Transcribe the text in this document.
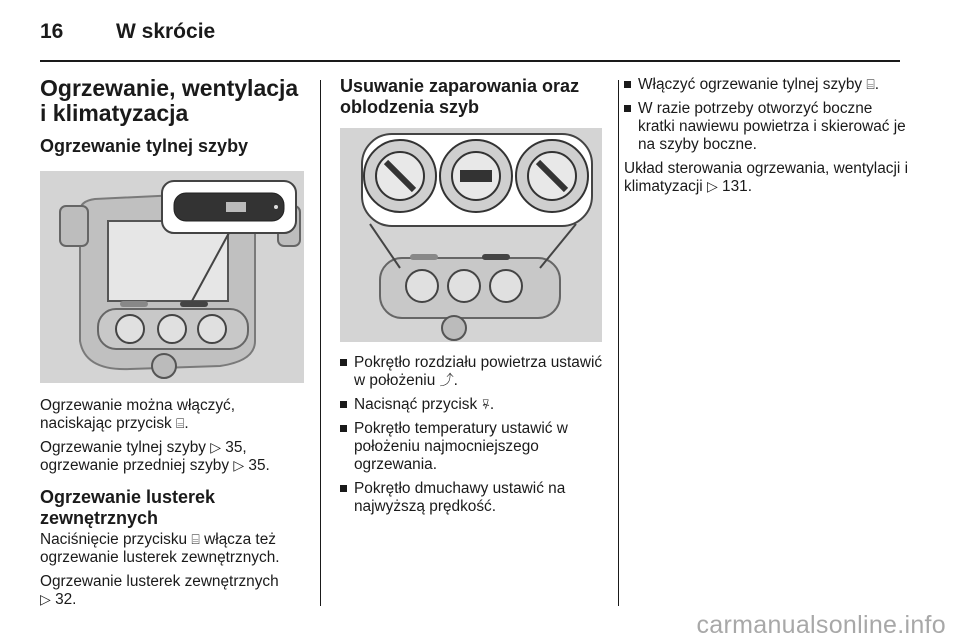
16	W skrócie
Ogrzewanie, wentylacja i klimatyzacja
Ogrzewanie tylnej szyby

Ogrzewanie można włączyć, naciskając przycisk ⌸.

Ogrzewanie tylnej szyby ▷ 35,
ogrzewanie przedniej szyby ▷ 35.

Ogrzewanie lusterek zewnętrznych

Naciśnięcie przycisku ⌸ włącza też ogrzewanie lusterek zewnętrznych.

Ogrzewanie lusterek zewnętrznych
▷ 32.

Usuwanie zaparowania oraz oblodzenia szyb
Pokrętło rozdziału powietrza ustawić w położeniu ⤴.
Nacisnąć przycisk ⍫.
Pokrętło temperatury ustawić w położeniu najmocniejszego ogrzewania.
Pokrętło dmuchawy ustawić na najwyższą prędkość.
Włączyć ogrzewanie tylnej szyby ⌸.
W razie potrzeby otworzyć boczne kratki nawiewu powietrza i skierować je na szyby boczne.

Układ sterowania ogrzewania, wentylacji i klimatyzacji ▷ 131.

carmanualsonline.info
